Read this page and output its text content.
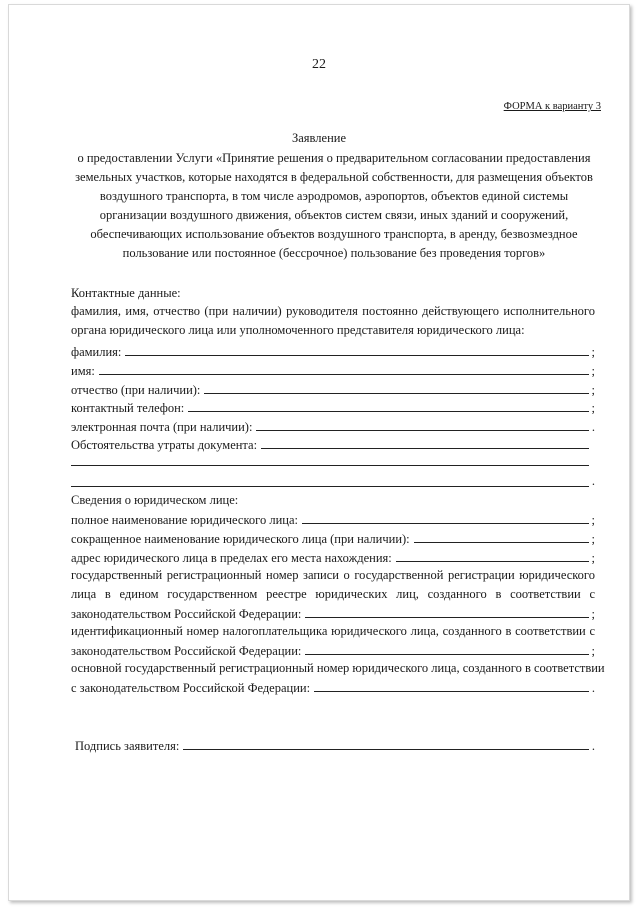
22
ФОРМА к варианту 3
Заявление
о предоставлении Услуги «Принятие решения о предварительном согласовании предоставления
земельных участков, которые находятся в федеральной собственности, для размещения объектов
воздушного транспорта, в том числе аэродромов, аэропортов, объектов единой системы
организации воздушного движения, объектов систем связи, иных зданий и сооружений,
обеспечивающих использование объектов воздушного транспорта, в аренду, безвозмездное
пользование или постоянное (бессрочное) пользование без проведения торгов»
Контактные данные:
фамилия, имя, отчество (при наличии) руководителя постоянно действующего исполнительного
органа юридического лица или уполномоченного представителя юридического лица:
фамилия:	;
имя:	;
отчество (при наличии):	;
контактный телефон:	;
электронная почта (при наличии):	.
Обстоятельства утраты документа:
.
Сведения о юридическом лице:
полное наименование юридического лица:	;
сокращенное наименование юридического лица (при наличии):	;
адрес юридического лица в пределах его места нахождения:	;
государственный регистрационный номер записи о государственной регистрации юридического
лица в едином государственном реестре юридических лиц, созданного в соответствии с
законодательством Российской Федерации:	;
идентификационный номер налогоплательщика юридического лица, созданного в соответствии с
законодательством Российской Федерации:	;
основной государственный регистрационный номер юридического лица, созданного в соответствии
с законодательством Российской Федерации:	.
Подпись заявителя:	.
